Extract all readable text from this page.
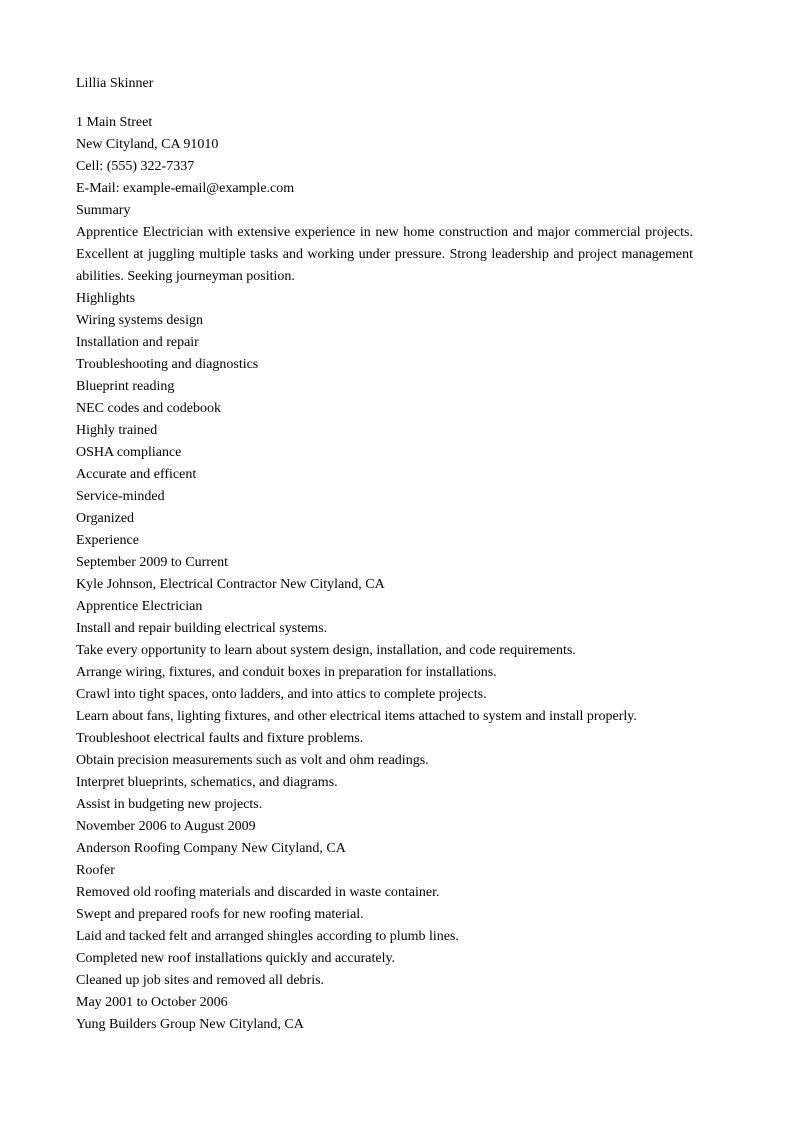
Lillia Skinner
1 Main Street
New Cityland, CA 91010
Cell: (555) 322-7337
E-Mail: example-email@example.com
Summary
Apprentice Electrician with extensive experience in new home construction and major commercial projects. Excellent at juggling multiple tasks and working under pressure. Strong leadership and project management abilities. Seeking journeyman position.
Highlights
Wiring systems design
Installation and repair
Troubleshooting and diagnostics
Blueprint reading
NEC codes and codebook
Highly trained
OSHA compliance
Accurate and efficent
Service-minded
Organized
Experience
September 2009 to Current
Kyle Johnson, Electrical Contractor New Cityland, CA
Apprentice Electrician
Install and repair building electrical systems.
Take every opportunity to learn about system design, installation, and code requirements.
Arrange wiring, fixtures, and conduit boxes in preparation for installations.
Crawl into tight spaces, onto ladders, and into attics to complete projects.
Learn about fans, lighting fixtures, and other electrical items attached to system and install properly.
Troubleshoot electrical faults and fixture problems.
Obtain precision measurements such as volt and ohm readings.
Interpret blueprints, schematics, and diagrams.
Assist in budgeting new projects.
November 2006 to August 2009
Anderson Roofing Company New Cityland, CA
Roofer
Removed old roofing materials and discarded in waste container.
Swept and prepared roofs for new roofing material.
Laid and tacked felt and arranged shingles according to plumb lines.
Completed new roof installations quickly and accurately.
Cleaned up job sites and removed all debris.
May 2001 to October 2006
Yung Builders Group New Cityland, CA
